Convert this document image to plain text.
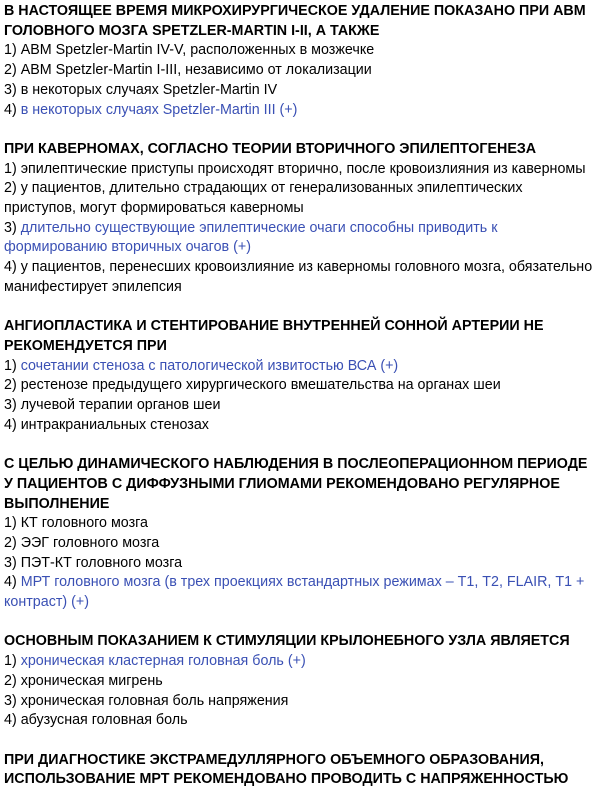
В НАСТОЯЩЕЕ ВРЕМЯ МИКРОХИРУРГИЧЕСКОЕ УДАЛЕНИЕ ПОКАЗАНО ПРИ АВМ ГОЛОВНОГО МОЗГА SPETZLER-MARTIN I-II, А ТАКЖЕ

1) АВМ Spetzler-Martin IV-V, расположенных в мозжечке

2) АВМ Spetzler-Martin I-III, независимо от локализации

3) в некоторых случаях Spetzler-Martin IV

4) в некоторых случаях Spetzler-Martin III (+)

ПРИ КАВЕРНОМАХ, СОГЛАСНО ТЕОРИИ ВТОРИЧНОГО ЭПИЛЕПТОГЕНЕЗА

1) эпилептические приступы происходят вторично, после кровоизлияния из каверномы

2) у пациентов, длительно страдающих от генерализованных эпилептических приступов, могут формироваться каверномы

3) длительно существующие эпилептические очаги способны приводить к формированию вторичных очагов (+)

4) у пациентов, перенесших кровоизлияние из каверномы головного мозга, обязательно манифестирует эпилепсия

АНГИОПЛАСТИКА И СТЕНТИРОВАНИЕ ВНУТРЕННЕЙ СОННОЙ АРТЕРИИ НЕ РЕКОМЕНДУЕТСЯ ПРИ

1) сочетании стеноза с патологической извитостью ВСА (+)

2) рестенозе предыдущего хирургического вмешательства на органах шеи

3) лучевой терапии органов шеи

4) интракраниальных стенозах

С ЦЕЛЬЮ ДИНАМИЧЕСКОГО НАБЛЮДЕНИЯ В ПОСЛЕОПЕРАЦИОННОМ ПЕРИОДЕ У ПАЦИЕНТОВ С ДИФФУЗНЫМИ ГЛИОМАМИ РЕКОМЕНДОВАНО РЕГУЛЯРНОЕ ВЫПОЛНЕНИЕ

1) КТ головного мозга

2) ЭЭГ головного мозга

3) ПЭТ-КТ головного мозга

4) МРТ головного мозга (в трех проекциях встандартных режимах – Т1, Т2, FLAIR, Т1 + контраст) (+)

ОСНОВНЫМ ПОКАЗАНИЕМ К СТИМУЛЯЦИИ КРЫЛОНЕБНОГО УЗЛА ЯВЛЯЕТСЯ

1) хроническая кластерная головная боль (+)

2) хроническая мигрень

3) хроническая головная боль напряжения

4) абузусная головная боль

ПРИ ДИАГНОСТИКЕ ЭКСТРАМЕДУЛЛЯРНОГО ОБЪЕМНОГО ОБРАЗОВАНИЯ, ИСПОЛЬЗОВАНИЕ МРТ РЕКОМЕНДОВАНО ПРОВОДИТЬ С НАПРЯЖЕННОСТЬЮ
